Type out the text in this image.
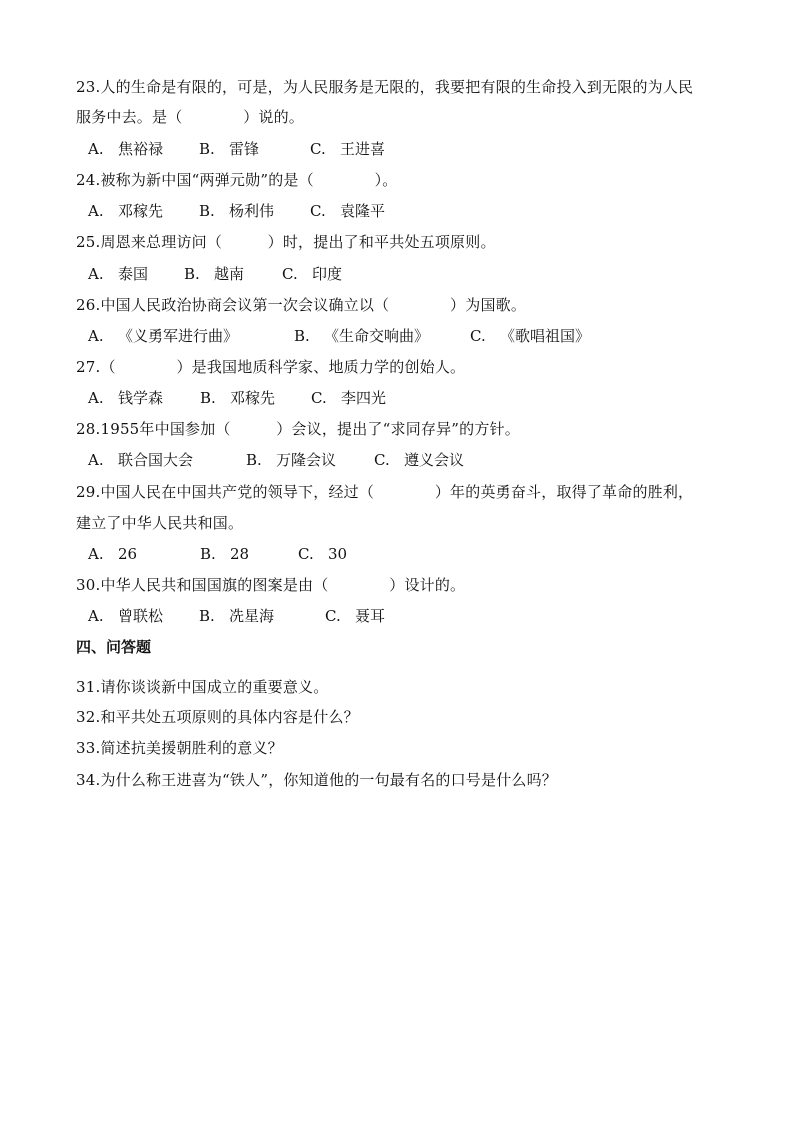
23.人的生命是有限的，可是，为人民服务是无限的，我要把有限的生命投入到无限的为人民
服务中去。是（　　　　）说的。
A. 焦裕禄 B. 雷锋	C. 王进喜
24.被称为新中国“两弹元勋”的是（　　　　）。
A. 邓稼先 B. 杨利伟 C. 袁隆平
25.周恩来总理访问（　　　）时，提出了和平共处五项原则。
A. 泰国 B. 越南	C. 印度
26.中国人民政治协商会议第一次会议确立以（　　　　）为国歌。
A. 《义勇军进行曲》	B. 《生命交响曲》	C. 《歌唱祖国》
27.（　　　　）是我国地质科学家、地质力学的创始人。
A. 钱学森 B. 邓稼先 C. 李四光
28.1955年中国参加（　　　）会议，提出了“求同存异”的方针。
A. 联合国大会	B. 万隆会议	C. 遵义会议
29.中国人民在中国共产党的领导下，经过（　　　　）年的英勇奋斗，取得了革命的胜利，
建立了中华人民共和国。
A. 26	B. 28	C. 30
30.中华人民共和国国旗的图案是由（　　　　）设计的。
A. 曾联松 B. 冼星海	C. 聂耳
四、问答题
31.请你谈谈新中国成立的重要意义。
32.和平共处五项原则的具体内容是什么？
33.简述抗美援朝胜利的意义？
34.为什么称王进喜为“铁人”，你知道他的一句最有名的口号是什么吗？
